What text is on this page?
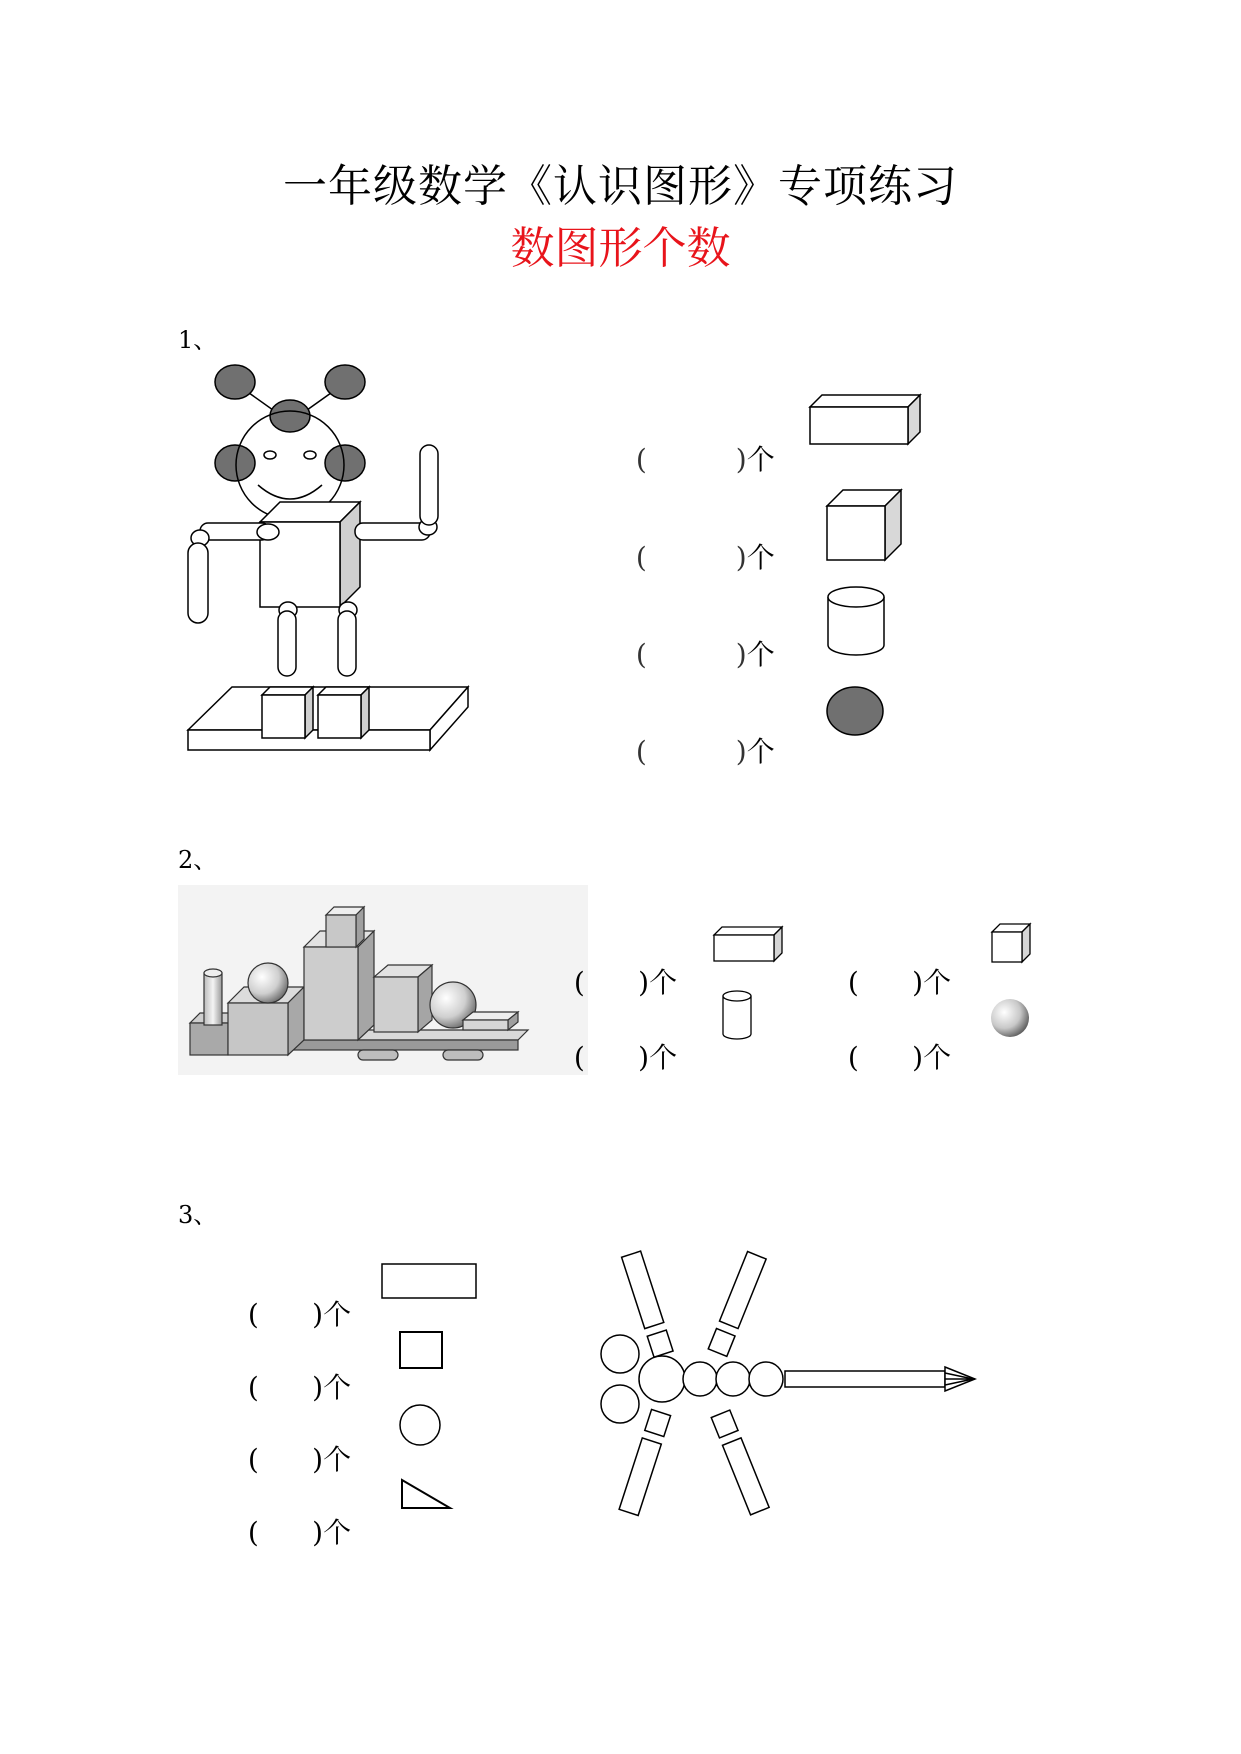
一年级数学《认识图形》专项练习
数图形个数
1、

(	)个

(	)个

(	)个

(	)个

2、

( )个	( )个

( )个	( )个

3、

( )个

( )个

( )个

( )个
